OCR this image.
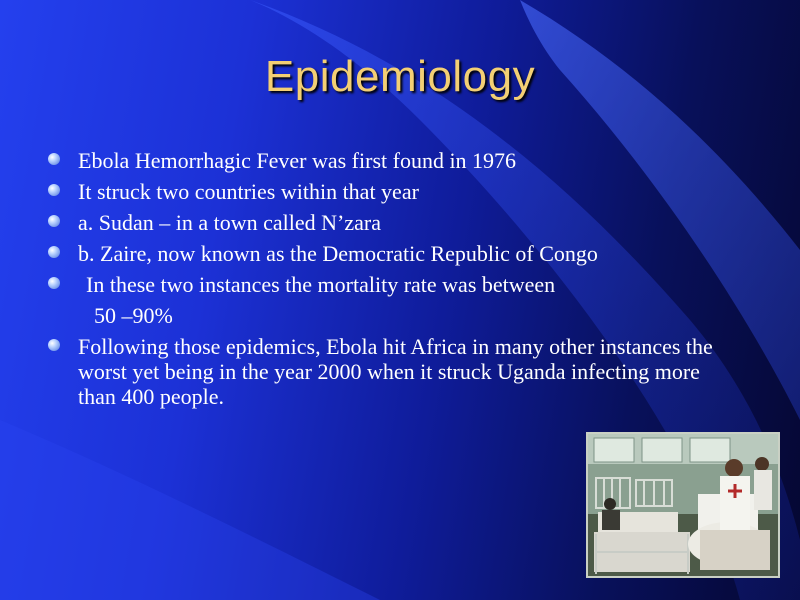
Epidemiology
Ebola Hemorrhagic Fever was first found in 1976
It struck two countries within that year
a. Sudan – in a town called N’zara
b. Zaire, now known as the Democratic Republic of Congo
In these two instances the mortality rate was between
50 –90%
Following those epidemics, Ebola hit Africa in many other instances the worst yet being in the year 2000 when it struck Uganda infecting more than 400 people.
